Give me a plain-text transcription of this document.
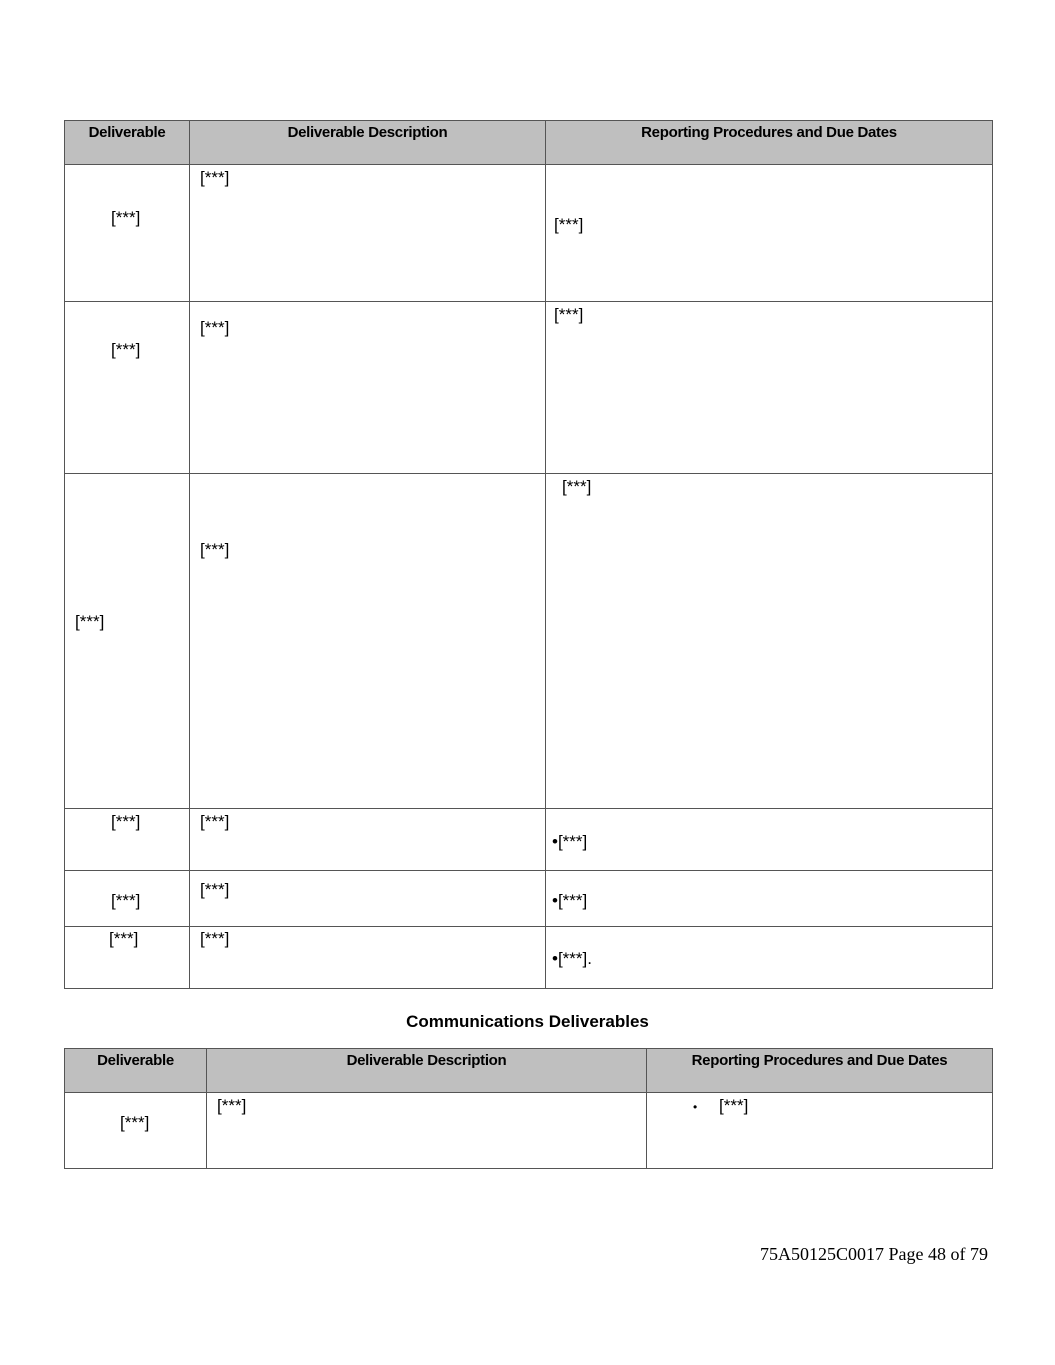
Deliverable	Deliverable Description	Reporting Procedures and Due Dates

[***]	[***]	[***]

[***]	[***]	[***]

[***]	[***]	[***]

[***]	[***]	•[***]

[***]	[***]	•[***]

[***]	[***]	•[***].
Communications Deliverables
Deliverable	Deliverable Description	Reporting Procedures and Due Dates

[***]	[***]	• [***]
75A50125C0017 Page 48 of 79
